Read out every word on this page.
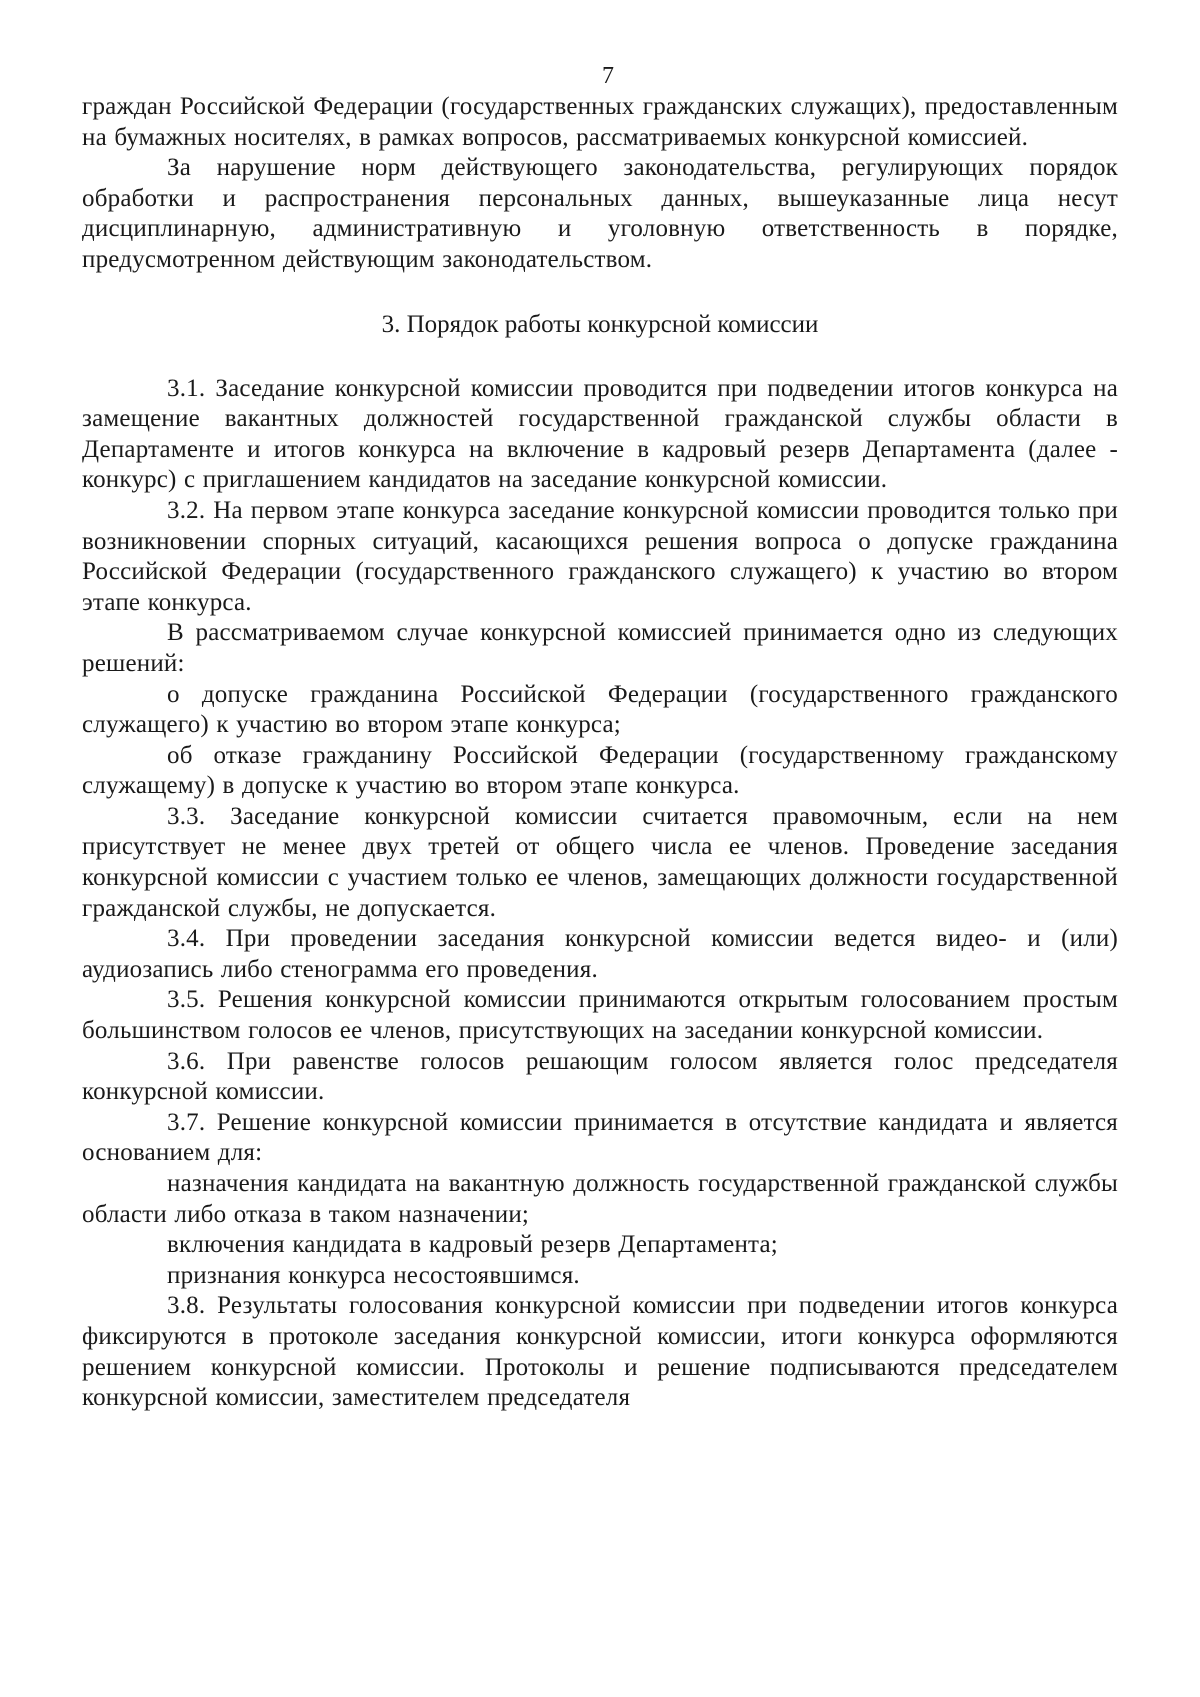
7

граждан Российской Федерации (государственных гражданских служащих), предоставленным на бумажных носителях, в рамках вопросов, рассматриваемых конкурсной комиссией.

За нарушение норм действующего законодательства, регулирующих порядок обработки и распространения персональных данных, вышеуказанные лица несут дисциплинарную, административную и уголовную ответственность в порядке, предусмотренном действующим законодательством.

3. Порядок работы конкурсной комиссии

3.1. Заседание конкурсной комиссии проводится при подведении итогов конкурса на замещение вакантных должностей государственной гражданской службы области в Департаменте и итогов конкурса на включение в кадровый резерв Департамента (далее - конкурс) с приглашением кандидатов на заседание конкурсной комиссии.

3.2. На первом этапе конкурса заседание конкурсной комиссии проводится только при возникновении спорных ситуаций, касающихся решения вопроса о допуске гражданина Российской Федерации (государственного гражданского служащего) к участию во втором этапе конкурса.

В рассматриваемом случае конкурсной комиссией принимается одно из следующих решений:

о допуске гражданина Российской Федерации (государственного гражданского служащего) к участию во втором этапе конкурса;

об отказе гражданину Российской Федерации (государственному гражданскому служащему) в допуске к участию во втором этапе конкурса.

3.3. Заседание конкурсной комиссии считается правомочным, если на нем присутствует не менее двух третей от общего числа ее членов. Проведение заседания конкурсной комиссии с участием только ее членов, замещающих должности государственной гражданской службы, не допускается.

3.4. При проведении заседания конкурсной комиссии ведется видео- и (или) аудиозапись либо стенограмма его проведения.

3.5. Решения конкурсной комиссии принимаются открытым голосованием простым большинством голосов ее членов, присутствующих на заседании конкурсной комиссии.

3.6. При равенстве голосов решающим голосом является голос председателя конкурсной комиссии.

3.7. Решение конкурсной комиссии принимается в отсутствие кандидата и является основанием для:

назначения кандидата на вакантную должность государственной гражданской службы области либо отказа в таком назначении;

включения кандидата в кадровый резерв Департамента;

признания конкурса несостоявшимся.

3.8. Результаты голосования конкурсной комиссии при подведении итогов конкурса фиксируются в протоколе заседания конкурсной комиссии, итоги конкурса оформляются решением конкурсной комиссии. Протоколы и решение подписываются председателем конкурсной комиссии, заместителем председателя
